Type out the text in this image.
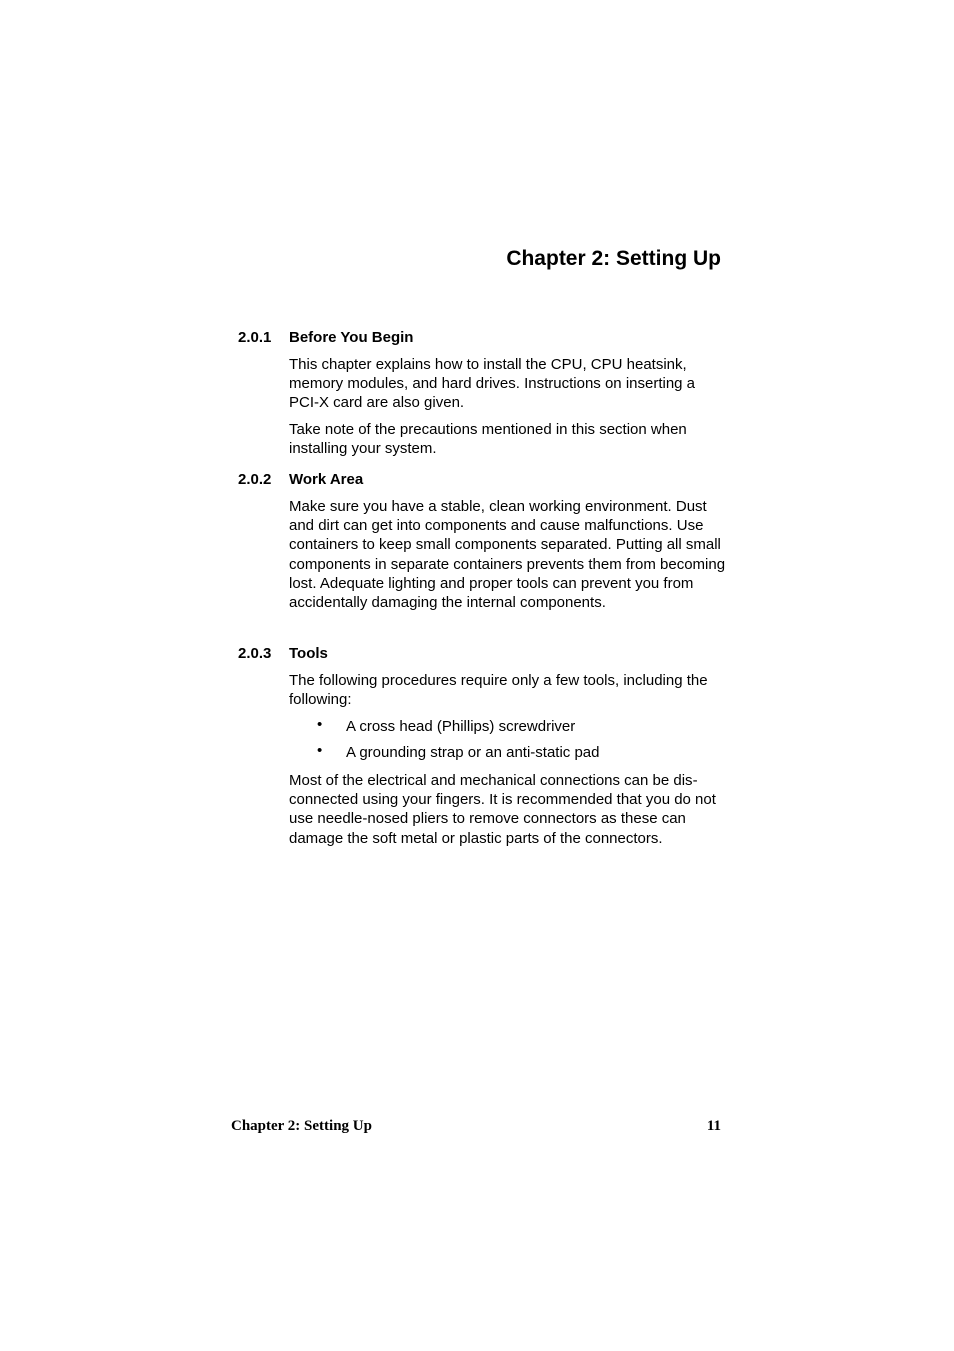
Chapter 2: Setting Up
2.0.1 Before You Begin

This chapter explains how to install the CPU, CPU heatsink, memory modules, and hard drives. Instructions on inserting a PCI-X card are also given.

Take note of the precautions mentioned in this section when installing your system.

2.0.2 Work Area

Make sure you have a stable, clean working environment. Dust and dirt can get into components and cause malfunctions. Use containers to keep small components separated. Putting all small components in separate containers prevents them from becoming lost. Adequate lighting and proper tools can prevent you from accidentally damaging the internal components.

2.0.3 Tools

The following procedures require only a few tools, including the following:

• A cross head (Phillips) screwdriver
• A grounding strap or an anti-static pad

Most of the electrical and mechanical connections can be disconnected using your fingers. It is recommended that you do not use needle-nosed pliers to remove connectors as these can damage the soft metal or plastic parts of the connectors.

Chapter 2: Setting Up	11
